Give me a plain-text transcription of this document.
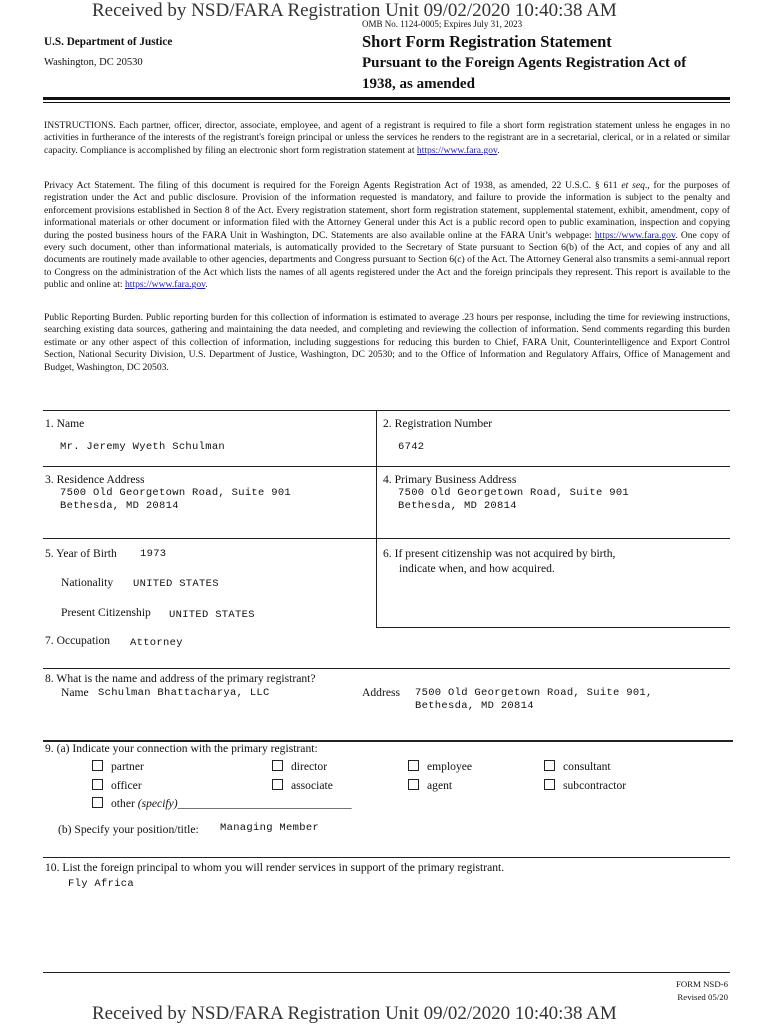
Received by NSD/FARA Registration Unit 09/02/2020 10:40:38 AM
OMB No. 1124-0005; Expires July 31, 2023
U.S. Department of Justice
Washington, DC 20530
Short Form Registration Statement
Pursuant to the Foreign Agents Registration Act of
1938, as amended

INSTRUCTIONS. Each partner, officer, director, associate, employee, and agent of a registrant is required to file a short form registration statement unless he engages in no activities in furtherance of the interests of the registrant's foreign principal or unless the services he renders to the registrant are in a secretarial, clerical, or in a related or similar capacity. Compliance is accomplished by filing an electronic short form registration statement at https://www.fara.gov.

Privacy Act Statement. The filing of this document is required for the Foreign Agents Registration Act of 1938, as amended, 22 U.S.C. § 611 et seq., for the purposes of registration under the Act and public disclosure. Provision of the information requested is mandatory, and failure to provide the information is subject to the penalty and enforcement provisions established in Section 8 of the Act. Every registration statement, short form registration statement, supplemental statement, exhibit, amendment, copy of informational materials or other document or information filed with the Attorney General under this Act is a public record open to public examination, inspection and copying during the posted business hours of the FARA Unit in Washington, DC. Statements are also available online at the FARA Unit’s webpage: https://www.fara.gov. One copy of every such document, other than informational materials, is automatically provided to the Secretary of State pursuant to Section 6(b) of the Act, and copies of any and all documents are routinely made available to other agencies, departments and Congress pursuant to Section 6(c) of the Act. The Attorney General also transmits a semi-annual report to Congress on the administration of the Act which lists the names of all agents registered under the Act and the foreign principals they represent. This report is available to the public and online at: https://www.fara.gov.

Public Reporting Burden. Public reporting burden for this collection of information is estimated to average .23 hours per response, including the time for reviewing instructions, searching existing data sources, gathering and maintaining the data needed, and completing and reviewing the collection of information. Send comments regarding this burden estimate or any other aspect of this collection of information, including suggestions for reducing this burden to Chief, FARA Unit, Counterintelligence and Export Control Section, National Security Division, U.S. Department of Justice, Washington, DC 20530; and to the Office of Information and Regulatory Affairs, Office of Management and Budget, Washington, DC 20503.

1. Name
Mr. Jeremy Wyeth Schulman
2. Registration Number
6742
3. Residence Address
7500 Old Georgetown Road, Suite 901
Bethesda, MD 20814
4. Primary Business Address
7500 Old Georgetown Road, Suite 901
Bethesda, MD 20814
5. Year of Birth 1973
Nationality UNITED STATES
Present Citizenship UNITED STATES
6. If present citizenship was not acquired by birth,
indicate when, and how acquired.
7. Occupation Attorney
8. What is the name and address of the primary registrant?
Name Schulman Bhattacharya, LLC	Address 7500 Old Georgetown Road, Suite 901,
Bethesda, MD 20814
9. (a) Indicate your connection with the primary registrant:
partner
officer
other (specify)______________________________
director
associate
employee
agent
consultant
subcontractor
(b) Specify your position/title: Managing Member
10. List the foreign principal to whom you will render services in support of the primary registrant.
Fly Africa
FORM NSD-6
Revised 05/20
Received by NSD/FARA Registration Unit 09/02/2020 10:40:38 AM
